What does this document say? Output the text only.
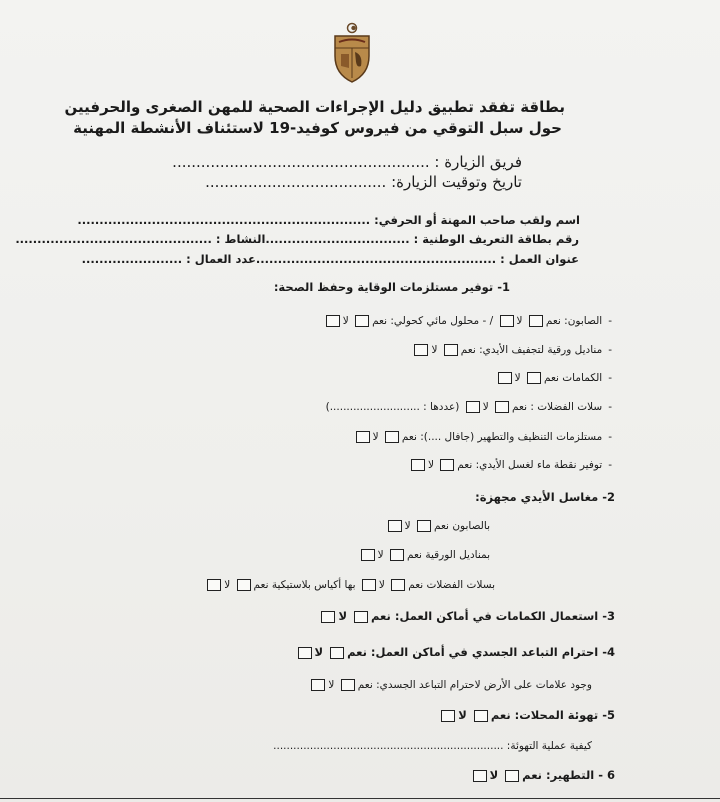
بطاقة تفقد تطبيق دليل الإجراءات الصحية للمهن الصغرى والحرفيين
حول سبل التوقي من فيروس كوفيد-19 لاستئناف الأنشطة المهنية
فريق الزيارة : ......................................................
تاريخ وتوقيت الزيارة: ......................................
اسم ولقب صاحب المهنة أو الحرفي: ...................................................................
رقم بطاقة التعريف الوطنية : .................................النشاط : .............................................
عنوان العمل : .......................................................عدد العمال : .......................
1- توفير مستلزمات الوقاية وحفظ الصحة:
-الصابون: نعم لا / - محلول مائي كحولي: نعم لا
-مناديل ورقية لتجفيف الأيدي: نعم لا
-الكمامات نعم لا
-سلات الفضلات : نعم لا (عددها : ...........................)
-مستلزمات التنظيف والتطهير (جافال ....): نعم لا
-توفير نقطة ماء لغسل الأيدي: نعم لا
2- مغاسل الأيدي مجهزة:
بالصابون نعم لا
بمناديل الورقية نعم لا
بسلات الفضلات نعم لا بها أكياس بلاستيكية نعم لا
3- استعمال الكمامات في أماكن العمل: نعم لا
4- احترام التباعد الجسدي في أماكن العمل: نعم لا
وجود علامات على الأرض لاحترام التباعد الجسدي: نعم لا
5- تهوئة المحلات: نعم لا
كيفية عملية التهوئة: .....................................................................
6 - التطهير: نعم لا
